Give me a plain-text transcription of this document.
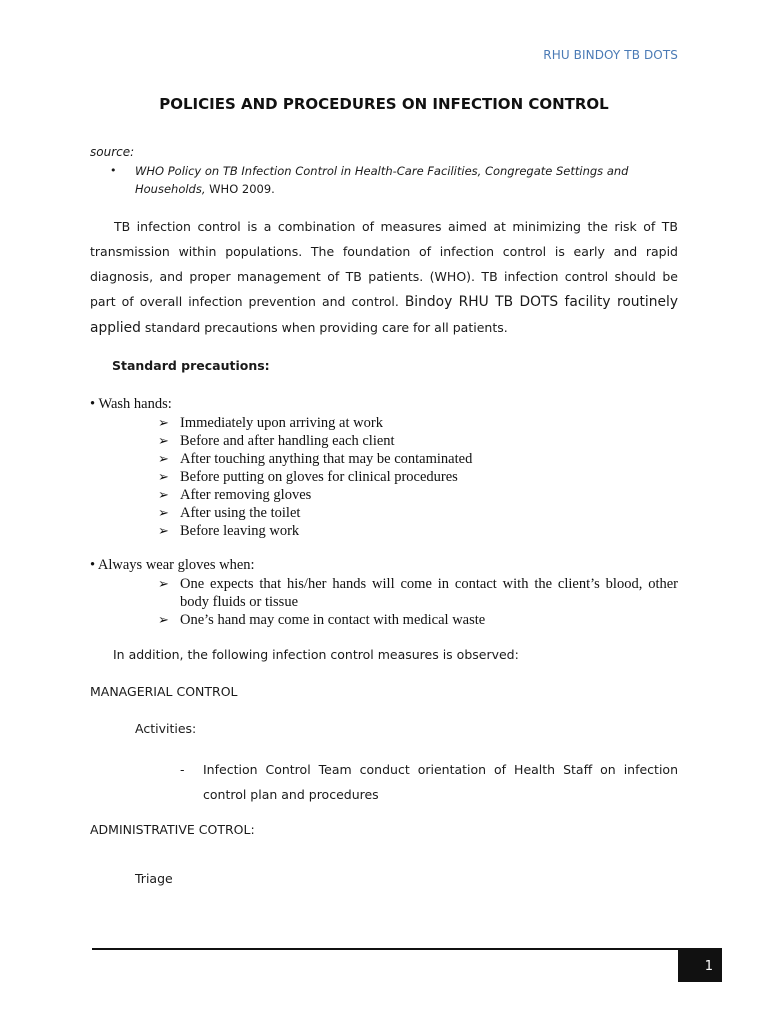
RHU BINDOY TB DOTS
POLICIES AND PROCEDURES ON INFECTION CONTROL
source:
•	WHO Policy on TB Infection Control in Health-Care Facilities, Congregate Settings and Households, WHO 2009.
TB infection control is a combination of measures aimed at minimizing the risk of TB transmission within populations. The foundation of infection control is early and rapid diagnosis, and proper management of TB patients. (WHO). TB infection control should be part of overall infection prevention and control. Bindoy RHU TB DOTS facility routinely applied standard precautions when providing care for all patients.
Standard precautions:
• Wash hands:
➢ Immediately upon arriving at work
➢ Before and after handling each client
➢ After touching anything that may be contaminated
➢ Before putting on gloves for clinical procedures
➢ After removing gloves
➢ After using the toilet
➢ Before leaving work
• Always wear gloves when:
➢ One expects that his/her hands will come in contact with the client’s blood, other body fluids or tissue
➢ One’s hand may come in contact with medical waste
In addition, the following infection control measures is observed:
MANAGERIAL CONTROL
Activities:
-	Infection Control Team conduct orientation of Health Staff on infection control plan and procedures
ADMINISTRATIVE COTROL:
Triage
1
